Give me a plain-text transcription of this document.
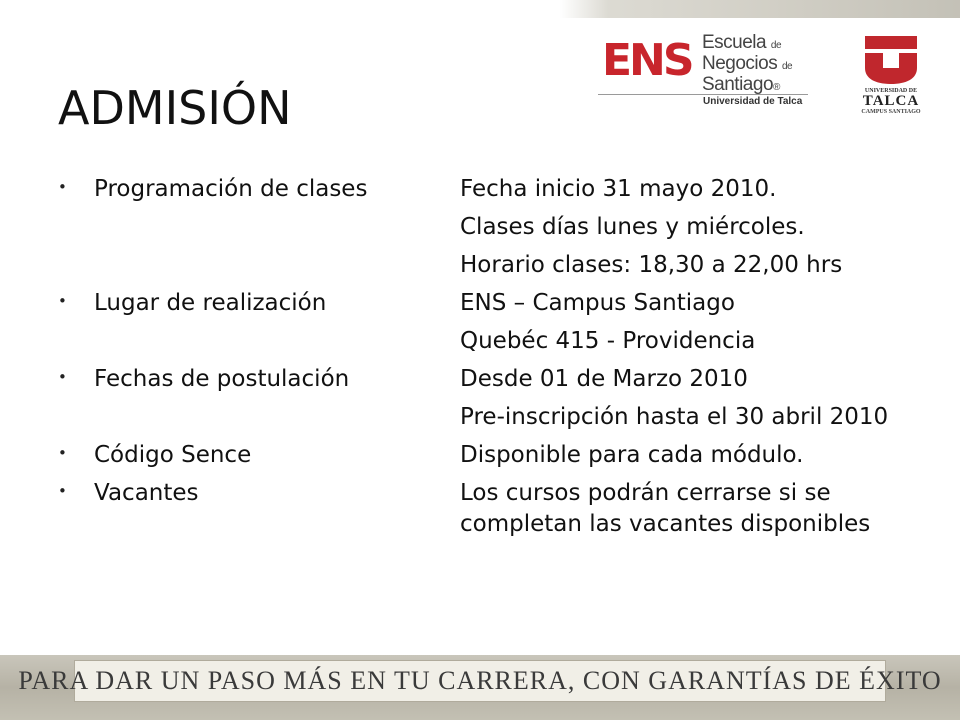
ENS Escuela de
Negocios de
Santiago®
Universidad de Talca
UNIVERSIDAD DE
TALCA
CAMPUS SANTIAGO
ADMISIÓN
• Programación de clases	Fecha inicio 31 mayo 2010.
Clases días lunes y miércoles.
Horario clases: 18,30 a 22,00 hrs
• Lugar de realización	ENS – Campus Santiago
Quebéc 415 - Providencia
• Fechas de postulación	Desde 01 de Marzo 2010
Pre-inscripción hasta el 30 abril 2010
• Código Sence	Disponible para cada módulo.
• Vacantes	Los cursos podrán cerrarse si se completan las vacantes disponibles
PARA DAR UN PASO MÁS EN TU CARRERA, CON GARANTÍAS DE ÉXITO
